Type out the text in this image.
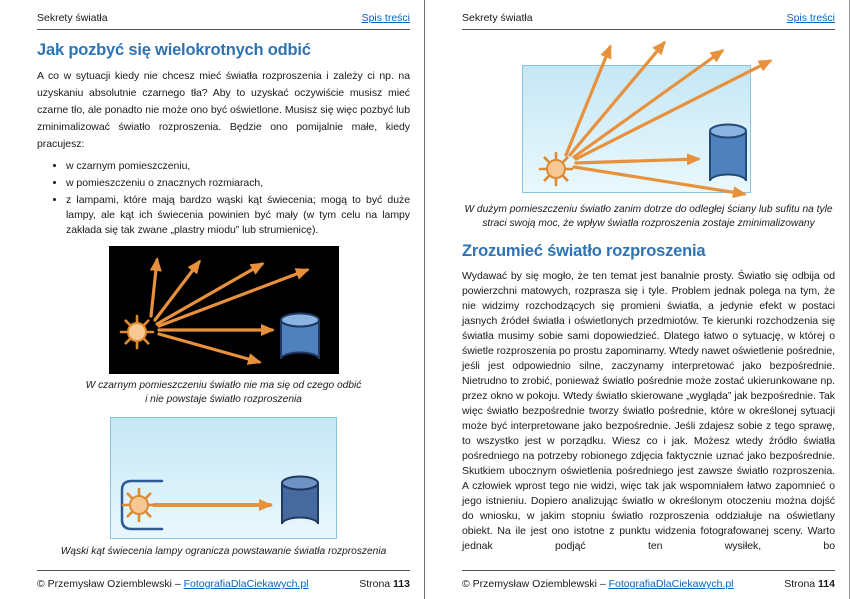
Sekrety światła	Spis treści
Jak pozbyć się wielokrotnych odbić

A co w sytuacji kiedy nie chcesz mieć światła rozproszenia i zależy ci np. na uzyskaniu absolutnie czarnego tła? Aby to uzyskać oczywiście musisz mieć czarne tło, ale ponadto nie może ono być oświetlone. Musisz się więc pozbyć lub zminimalizować światło rozproszenia. Będzie ono pomijalnie małe, kiedy pracujesz:

• w czarnym pomieszczeniu,
• w pomieszczeniu o znacznych rozmiarach,
• z lampami, które mają bardzo wąski kąt świecenia; mogą to być duże lampy, ale kąt ich świecenia powinien być mały (w tym celu na lampy zakłada się tak zwane „plastry miodu” lub strumienicę).
W czarnym pomieszczeniu światło nie ma się od czego odbić
i nie powstaje światło rozproszenia
Wąski kąt świecenia lampy ogranicza powstawanie światła rozproszenia
© Przemysław Oziemblewski – FotografiaDlaCiekawych.pl	Strona 113
Sekrety światła	Spis treści
W dużym pomieszczeniu światło zanim dotrze do odległej ściany lub sufitu na tyle
straci swoją moc, że wpływ światła rozproszenia zostaje zminimalizowany
Zrozumieć światło rozproszenia

Wydawać by się mogło, że ten temat jest banalnie prosty. Światło się odbija od powierzchni matowych, rozprasza się i tyle. Problem jednak polega na tym, że nie widzimy rozchodzących się promieni światła, a jedynie efekt w postaci jasnych źródeł światła i oświetlonych przedmiotów. Te kierunki rozchodzenia się światła musimy sobie sami dopowiedzieć. Dlatego łatwo o sytuację, w której o świetle rozproszenia po prostu zapominamy. Wtedy nawet oświetlenie pośrednie, jeśli jest odpowiednio silne, zaczynamy interpretować jako bezpośrednie. Nietrudno to zrobić, ponieważ światło pośrednie może zostać ukierunkowane np. przez okno w pokoju. Wtedy światło skierowane „wygląda” jak bezpośrednie. Tak więc światło bezpośrednie tworzy światło pośrednie, które w określonej sytuacji może być interpretowane jako bezpośrednie. Jeśli zdajesz sobie z tego sprawę, to wszystko jest w porządku. Wiesz co i jak. Możesz wtedy źródło światła pośredniego na potrzeby robionego zdjęcia faktycznie uznać jako bezpośrednie. Skutkiem ubocznym oświetlenia pośredniego jest zawsze światło rozproszenia. A człowiek wprost tego nie widzi, więc tak jak wspomniałem łatwo zapomnieć o jego istnieniu. Dopiero analizując światło w określonym otoczeniu można dojść do wniosku, w jakim stopniu światło rozproszenia oddziałuje na oświetlany obiekt. Na ile jest ono istotne z punktu widzenia fotografowanej sceny. Warto jednak podjąć ten wysiłek, bo

© Przemysław Oziemblewski – FotografiaDlaCiekawych.pl	Strona 114
